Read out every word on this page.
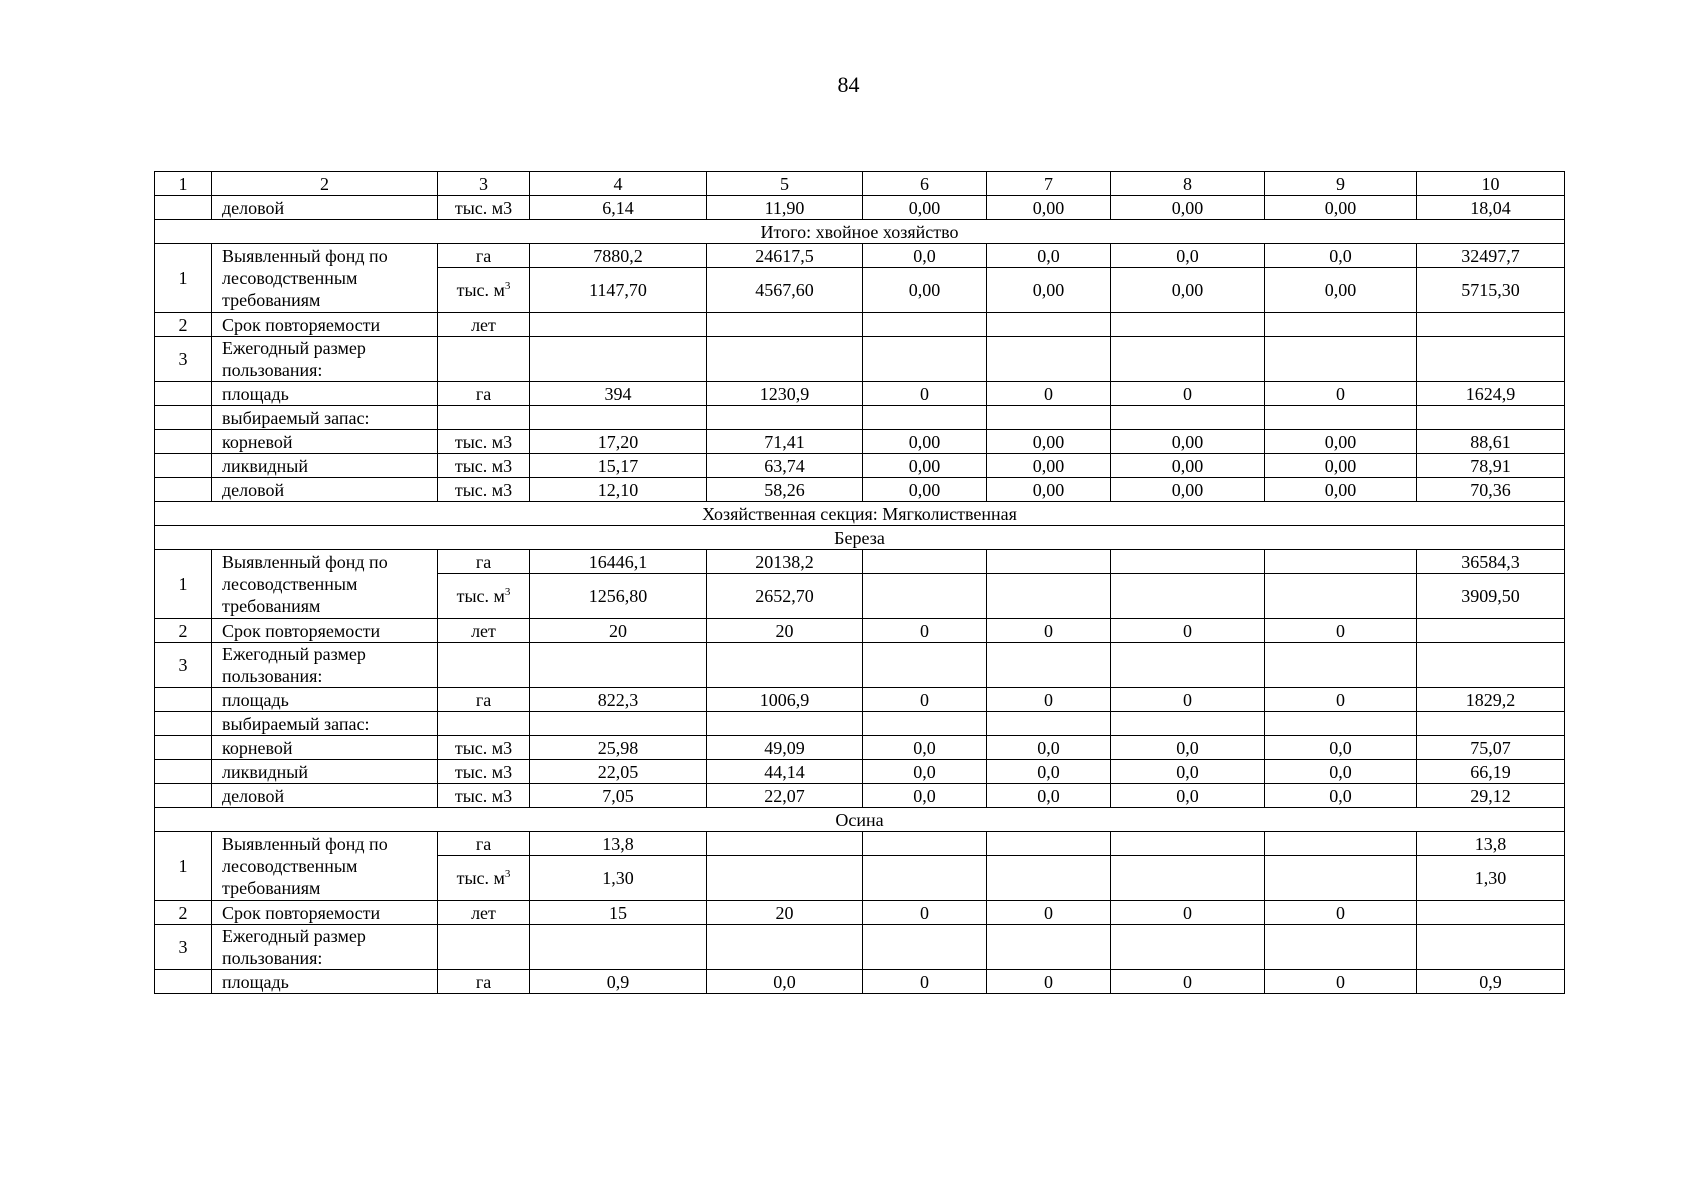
84
1	2	3	4	5	6	7	8	9	10
	деловой	тыс. м3	6,14	11,90	0,00	0,00	0,00	0,00	18,04
Итого: хвойное хозяйство									
1	Выявленный фонд по лесоводственным требованиям	га	7880,2	24617,5	0,0	0,0	0,0	0,0	32497,7
		тыс. $м^3$	1147,70	4567,60	0,00	0,00	0,00	0,00	5715,30
2	Срок повторяемости	лет							
3	Ежегодный размер пользования:								
	площадь	га	394	1230,9	0	0	0	0	1624,9
	выбираемый запас:								
	корневой	тыс. м3	17,20	71,41	0,00	0,00	0,00	0,00	88,61
	ликвидный	тыс. м3	15,17	63,74	0,00	0,00	0,00	0,00	78,91
	деловой	тыс. м3	12,10	58,26	0,00	0,00	0,00	0,00	70,36
Хозяйственная секция: Мягколиственная									
Береза									
1	Выявленный фонд по лесоводственным требованиям	га	16446,1	20138,2					36584,3
		тыс. $м^3$	1256,80	2652,70					3909,50
2	Срок повторяемости	лет	20	20	0	0	0	0	
3	Ежегодный размер пользования:								
	площадь	га	822,3	1006,9	0	0	0	0	1829,2
	выбираемый запас:								
	корневой	тыс. м3	25,98	49,09	0,0	0,0	0,0	0,0	75,07
	ликвидный	тыс. м3	22,05	44,14	0,0	0,0	0,0	0,0	66,19
	деловой	тыс. м3	7,05	22,07	0,0	0,0	0,0	0,0	29,12
Осина									
1	Выявленный фонд по лесоводственным требованиям	га	13,8						13,8
		тыс. $м^3$	1,30						1,30
2	Срок повторяемости	лет	15	20	0	0	0	0	
3	Ежегодный размер пользования:								
	площадь	га	0,9	0,0	0	0	0	0	0,9
